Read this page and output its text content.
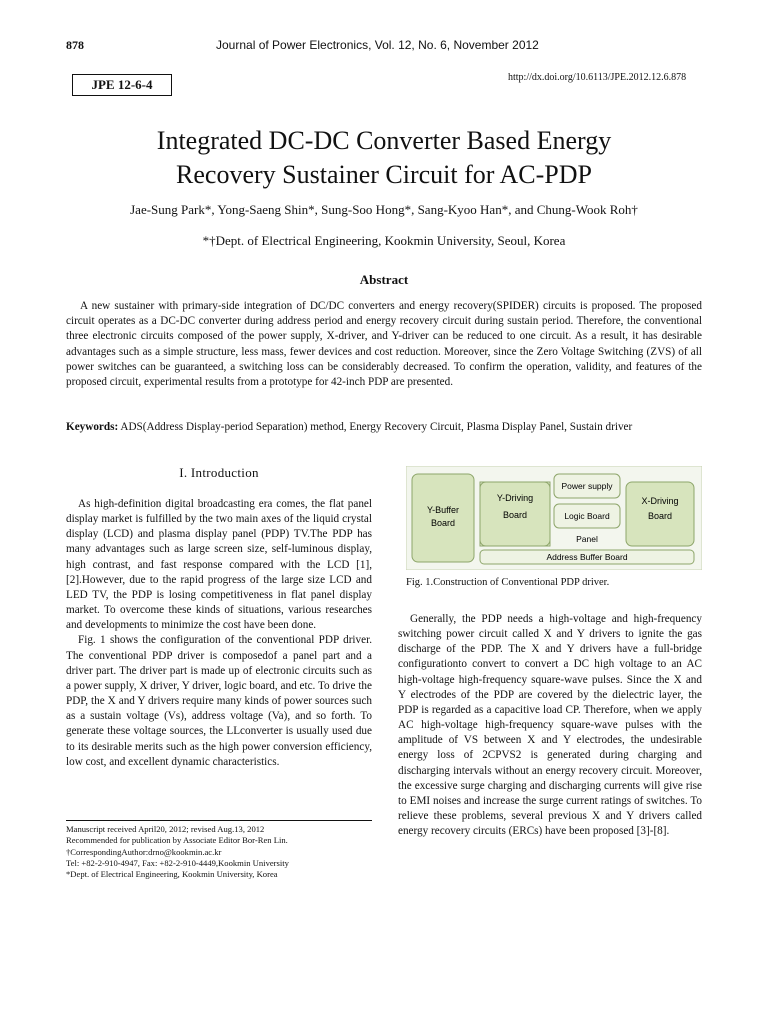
878	Journal of Power Electronics, Vol. 12, No. 6, November 2012
JPE 12-6-4	http://dx.doi.org/10.6113/JPE.2012.12.6.878
Integrated DC-DC Converter Based Energy
Recovery Sustainer Circuit for AC-PDP
Jae-Sung Park*, Yong-Saeng Shin*, Sung-Soo Hong*, Sang-Kyoo Han*, and Chung-Wook Roh†
*†Dept. of Electrical Engineering, Kookmin University, Seoul, Korea
Abstract
A new sustainer with primary-side integration of DC/DC converters and energy recovery(SPIDER) circuits is proposed. The proposed circuit operates as a DC-DC converter during address period and energy recovery circuit during sustain period. Therefore, the conventional three electronic circuits composed of the power supply, X-driver, and Y-driver can be reduced to one circuit. As a result, it has desirable advantages such as a simple structure, less mass, fewer devices and cost reduction. Moreover, since the Zero Voltage Switching (ZVS) of all power switches can be guaranteed, a switching loss can be considerably decreased. To confirm the operation, validity, and features of the proposed circuit, experimental results from a prototype for 42-inch PDP are presented.
Keywords: ADS(Address Display-period Separation) method, Energy Recovery Circuit, Plasma Display Panel, Sustain driver
I. Introduction

As high-definition digital broadcasting era comes, the flat panel display market is fulfilled by the two main axes of the liquid crystal display (LCD) and plasma display panel (PDP) TV.The PDP has many advantages such as large screen size, self-luminous display, high contrast, and fast response compared with the LCD [1], [2].However, due to the rapid progress of the large size LCD and LED TV, the PDP is losing competitiveness in flat panel display market. To overcome these kinds of situations, various researches and developments to minimize the cost have been done.

Fig. 1 shows the configuration of the conventional PDP driver. The conventional PDP driver is composedof a panel part and a driver part. The driver part is made up of electronic circuits such as a power supply, X driver, Y driver, logic board, and etc. To drive the PDP, the X and Y drivers require many kinds of power sources such as a sustain voltage (Vs), address voltage (Va), and so forth. To generate these voltage sources, the LLconverter is usually used due to its desirable merits such as the high power conversion efficiency, low cost, and excellent dynamic characteristics.

Manuscript received April20, 2012; revised Aug.13, 2012
Recommended for publication by Associate Editor Bor-Ren Lin.
†CorrespondingAuthor:drno@kookmin.ac.kr
Tel: +82-2-910-4947, Fax: +82-2-910-4449,Kookmin University
*Dept. of Electrical Engineering, Kookmin University, Korea
Y-Buffer
Board
Y-Driving
Board
Power supply
Logic Board
Panel
X-Driving
Board
Address Buffer Board
Fig. 1.Construction of Conventional PDP driver.

Generally, the PDP needs a high-voltage and high-frequency switching power circuit called X and Y drivers to ignite the gas discharge of the PDP. The X and Y drivers have a full-bridge configurationto convert to convert a DC high voltage to an AC high-voltage high-frequency square-wave pulses. Since the X and Y electrodes of the PDP are covered by the dielectric layer, the PDP is regarded as a capacitive load CP. Therefore, when we apply AC high-voltage high-frequency square-wave pulses with the amplitude of VS between X and Y electrodes, the undesirable energy loss of 2CPVS2 is generated during charging and discharging intervals without an energy recovery circuit. Moreover, the excessive surge charging and discharging currents will give rise to EMI noises and increase the surge current ratings of switches. To relieve these problems, several previous X and Y drivers called energy recovery circuits (ERCs) have been proposed [3]-[8].
